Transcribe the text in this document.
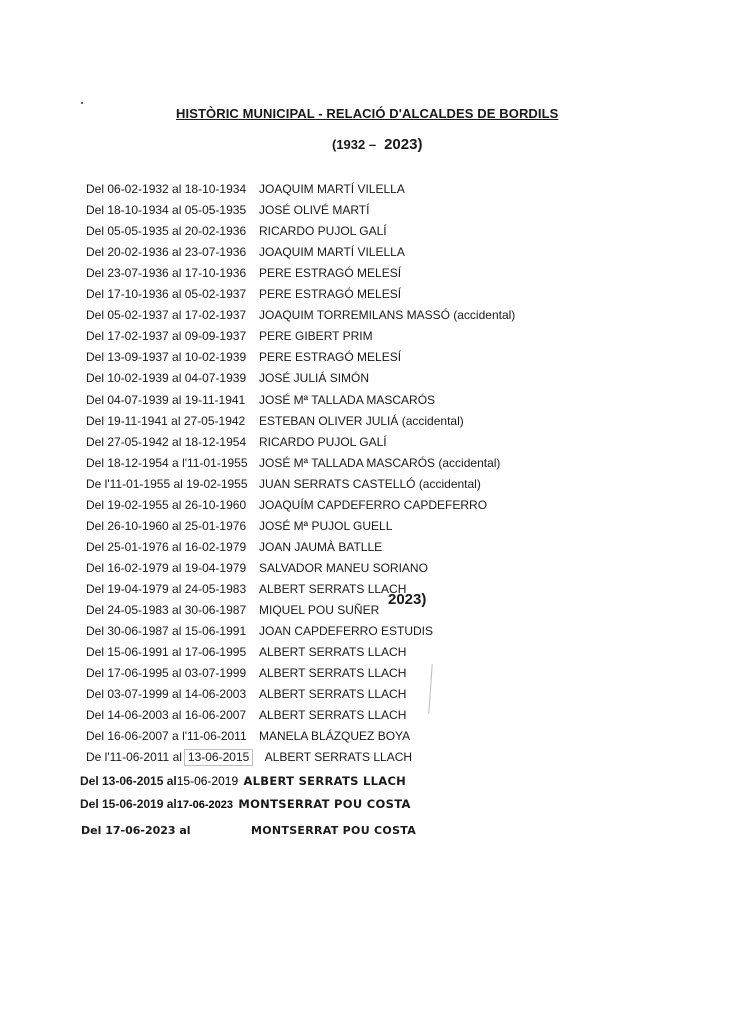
HISTÒRIC MUNICIPAL - RELACIÓ D'ALCALDES DE BORDILS
(1932 – 2023)
Del 06-02-1932 al 18-10-1934 JOAQUIM MARTÍ VILELLA
Del 18-10-1934 al 05-05-1935 JOSÉ OLIVÉ MARTÍ
Del 05-05-1935 al 20-02-1936 RICARDO PUJOL GALÍ
Del 20-02-1936 al 23-07-1936 JOAQUIM MARTÍ VILELLA
Del 23-07-1936 al 17-10-1936 PERE ESTRAGÓ MELESÍ
Del 17-10-1936 al 05-02-1937 PERE ESTRAGÓ MELESÍ
Del 05-02-1937 al 17-02-1937 JOAQUIM TORREMILANS MASSÓ (accidental)
Del 17-02-1937 al 09-09-1937 PERE GIBERT PRIM
Del 13-09-1937 al 10-02-1939 PERE ESTRAGÓ MELESÍ
Del 10-02-1939 al 04-07-1939 JOSÉ JULIÁ SIMÓN
Del 04-07-1939 al 19-11-1941 JOSÉ Mª TALLADA MASCARÓS
Del 19-11-1941 al 27-05-1942 ESTEBAN OLIVER JULIÁ (accidental)
Del 27-05-1942 al 18-12-1954 RICARDO PUJOL GALÍ
Del 18-12-1954 a l'11-01-1955 JOSÉ Mª TALLADA MASCARÓS (accidental)
De l'11-01-1955 al 19-02-1955 JUAN SERRATS CASTELLÓ (accidental)
Del 19-02-1955 al 26-10-1960 JOAQUÍM CAPDEFERRO CAPDEFERRO
Del 26-10-1960 al 25-01-1976 JOSÉ Mª PUJOL GUELL
Del 25-01-1976 al 16-02-1979 JOAN JAUMÀ BATLLE
Del 16-02-1979 al 19-04-1979 SALVADOR MANEU SORIANO
Del 19-04-1979 al 24-05-1983 ALBERT SERRATS LLACH
Del 24-05-1983 al 30-06-1987 MIQUEL POU SUÑER
Del 30-06-1987 al 15-06-1991 JOAN CAPDEFERRO ESTUDIS
Del 15-06-1991 al 17-06-1995 ALBERT SERRATS LLACH
Del 17-06-1995 al 03-07-1999 ALBERT SERRATS LLACH
Del 03-07-1999 al 14-06-2003 ALBERT SERRATS LLACH
Del 14-06-2003 al 16-06-2007 ALBERT SERRATS LLACH
Del 16-06-2007 a l'11-06-2011 MANELA BLÁZQUEZ BOYA
2023)
De l'11-06-2011 al 13-06-2015 ALBERT SERRATS LLACH
Del 13-06-2015 al15-06-2019 ALBERT SERRATS LLACH
Del 15-06-2019 al17-06-2023 MONTSERRAT POU COSTA
Del 17-06-2023 al	MONTSERRAT POU COSTA
